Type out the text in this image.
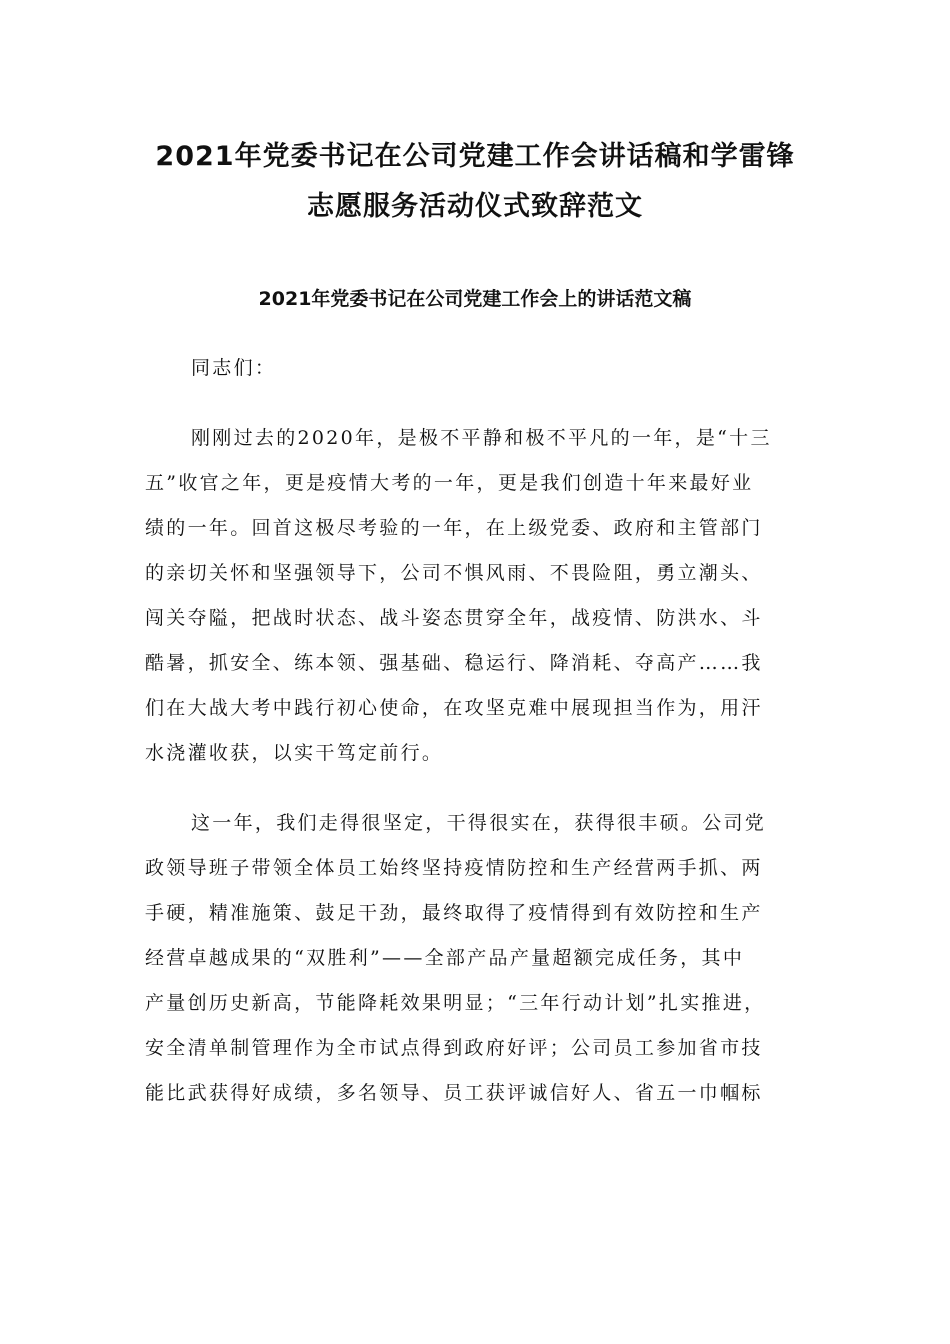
2021年党委书记在公司党建工作会讲话稿和学雷锋
志愿服务活动仪式致辞范文
2021年党委书记在公司党建工作会上的讲话范文稿
同志们：
刚刚过去的2020年，是极不平静和极不平凡的一年，是“十三
五”收官之年，更是疫情大考的一年，更是我们创造十年来最好业
绩的一年。回首这极尽考验的一年，在上级党委、政府和主管部门
的亲切关怀和坚强领导下，公司不惧风雨、不畏险阻，勇立潮头、
闯关夺隘，把战时状态、战斗姿态贯穿全年，战疫情、防洪水、斗
酷暑，抓安全、练本领、强基础、稳运行、降消耗、夺高产……我
们在大战大考中践行初心使命，在攻坚克难中展现担当作为，用汗
水浇灌收获，以实干笃定前行。
这一年，我们走得很坚定，干得很实在，获得很丰硕。公司党
政领导班子带领全体员工始终坚持疫情防控和生产经营两手抓、两
手硬，精准施策、鼓足干劲，最终取得了疫情得到有效防控和生产
经营卓越成果的“双胜利”——全部产品产量超额完成任务，其中
产量创历史新高，节能降耗效果明显；“三年行动计划”扎实推进，
安全清单制管理作为全市试点得到政府好评；公司员工参加省市技
能比武获得好成绩，多名领导、员工获评诚信好人、省五一巾帼标
